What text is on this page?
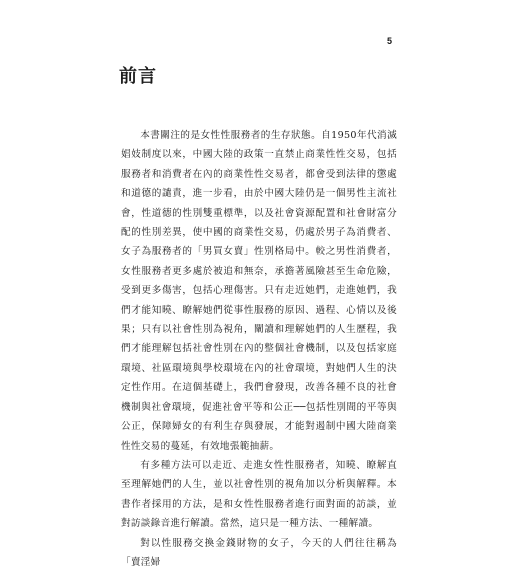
5
前言

本書關注的是女性性服務者的生存狀態。自1950年代消滅娼妓制度以來，中國大陸的政策一直禁止商業性性交易，包括服務者和消費者在內的商業性性交易者，都會受到法律的懲處和道德的譴責，進一步看，由於中國大陸仍是一個男性主流社會，性道德的性別雙重標準，以及社會資源配置和社會財富分配的性別差異，使中國的商業性交易，仍處於男子為消費者、女子為服務者的「男買女賣」性別格局中。較之男性消費者，女性服務者更多處於被追和無奈，承擔著風險甚至生命危險，受到更多傷害，包括心理傷害。只有走近她們，走進她們，我們才能知曉、瞭解她們從事性服務的原因、過程、心情以及後果；只有以社會性別為視角，闡讀和理解她們的人生歷程，我們才能理解包括社會性別在內的整個社會機制，以及包括家庭環境、社區環境與學校環境在內的社會環境，對她們人生的決定性作用。在這個基礎上，我們會發現，改善各種不良的社會機制與社會環境，促進社會平等和公正──包括性別間的平等與公正，保障婦女的有利生存與發展，才能對遏制中國大陸商業性性交易的蔓延，有效地張範抽薪。

有多種方法可以走近、走進女性性服務者，知曉、瞭解直至理解她們的人生，並以社會性別的視角加以分析與解釋。本書作者採用的方法，是和女性性服務者進行面對面的訪談，並對訪談錄音進行解讀。當然，這只是一種方法、一種解讀。

對以性服務交換金錢財物的女子，今天的人們往往稱為「賣淫婦
